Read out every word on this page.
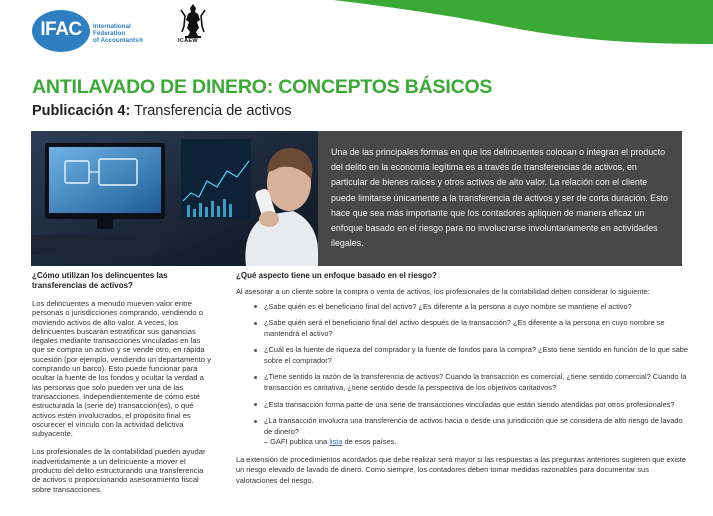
IFAC	International
Federation
of Accountants®	ICAEW
ANTILAVADO DE DINERO: CONCEPTOS BÁSICOS
Publicación 4: Transferencia de activos

Una de las principales formas en que los delincuentes colocan o integran el producto del delito en la economía legítima es a través de transferencias de activos, en particular de bienes raíces y otros activos de alto valor. La relación con el cliente puede limitarse únicamente a la transferencia de activos y ser de corta duración. Esto hace que sea más importante que los contadores apliquen de manera eficaz un enfoque basado en el riesgo para no involucrarse involuntariamente en actividades ilegales.

¿Cómo utilizan los delincuentes las transferencias de activos?

Los delincuentes a menudo mueven valor entre personas o jurisdicciones comprando, vendiendo o moviendo activos de alto valor. A veces, los delincuentes buscarán estratificar sus ganancias ilegales mediante transacciones vinculadas en las que se compra un activo y se vende otro, en rápida sucesión (por ejemplo, vendiendo un departamento y comprando un barco). Esto puede funcionar para ocultar la fuente de los fondos y ocultar la verdad a las personas que solo pueden ver una de las transacciones. Independientemente de cómo esté estructurada la (serie de) transacción(es), o qué activos estén involucrados, el propósito final es oscurecer el vínculo con la actividad delictiva subyacente.

Los profesionales de la contabilidad pueden ayudar inadvertidamente a un delincuente a mover el producto del delito estructurando una transferencia de activos o proporcionando asesoramiento fiscal sobre transacciones.

¿Qué aspecto tiene un enfoque basado en el riesgo?

Al asesorar a un cliente sobre la compra o venta de activos, los profesionales de la contabilidad deben considerar lo siguiente:

¿Sabe quién es el beneficiario final del activo? ¿Es diferente a la persona a cuyo nombre se mantiene el activo?
¿Sabe quién será el beneficiario final del activo después de la transacción? ¿Es diferente a la persona en cuyo nombre se mantendrá el activo?
¿Cuál es la fuente de riqueza del comprador y la fuente de fondos para la compra? ¿Esto tiene sentido en función de lo que sabe sobre el comprador?
¿Tiene sentido la razón de la transferencia de activos? Cuando la transacción es comercial, ¿tiene sentido comercial? Cuando la transacción es caritativa, ¿tiene sentido desde la perspectiva de los objetivos caritativos?
¿Esta transacción forma parte de una serie de transacciones vinculadas que están siendo atendidas por otros profesionales?
¿La transacción involucra una transferencia de activos hacia o desde una jurisdicción que se considera de alto riesgo de lavado de dinero?
– GAFI publica una lista de esos países.

La extensión de procedimientos acordados que debe realizar será mayor si las respuestas a las preguntas anteriores sugieren que existe un riesgo elevado de lavado de dinero. Como siempre, los contadores deben tomar medidas razonables para documentar sus valoraciones del riesgo.
